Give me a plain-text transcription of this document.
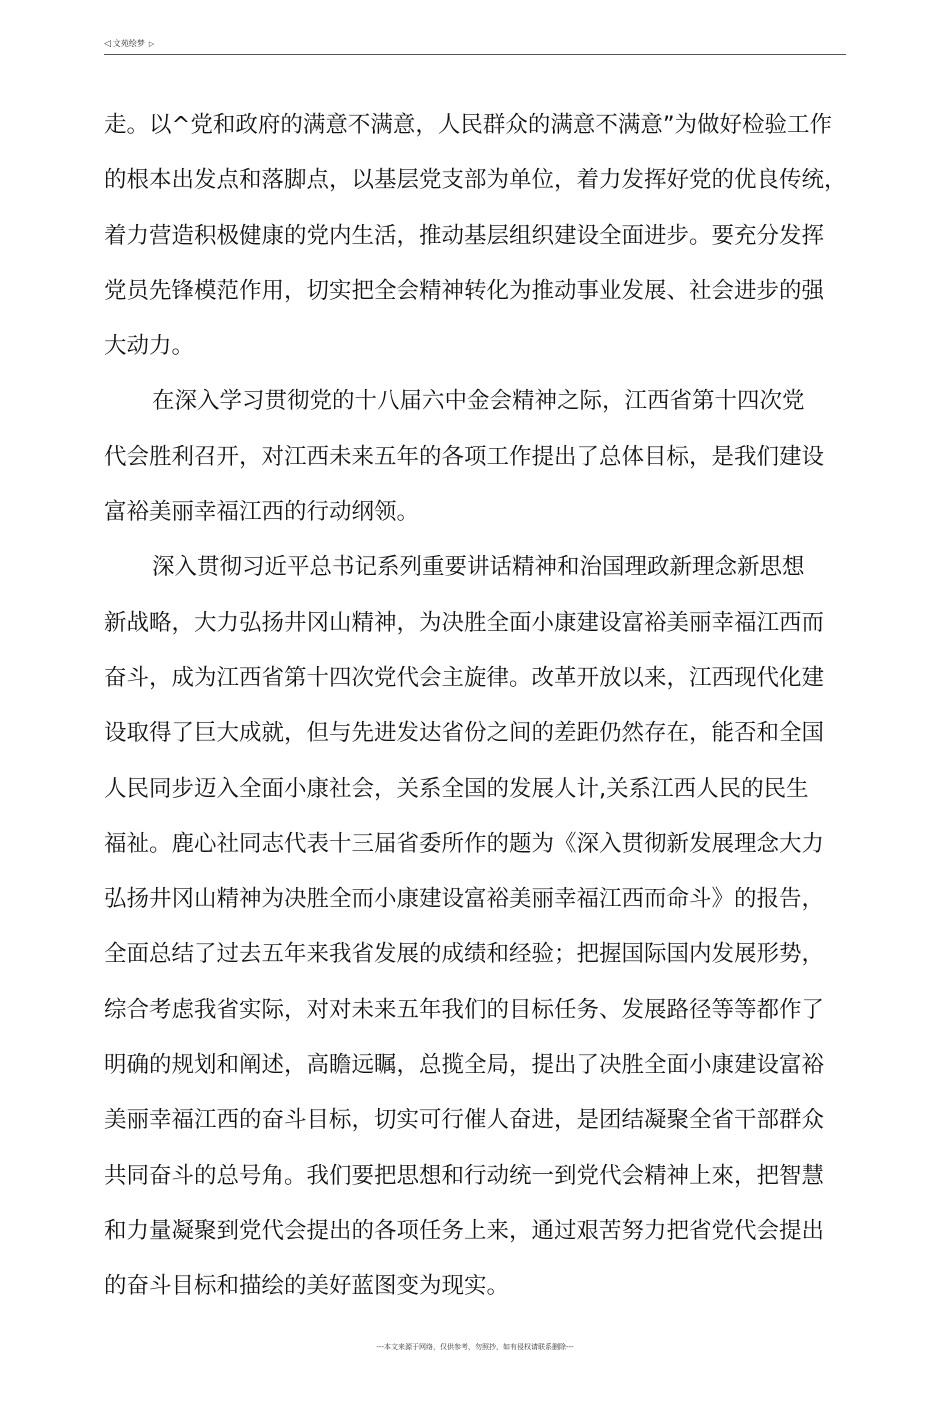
◁ 文苑绘梦 ▷
走。以^党和政府的满意不满意，人民群众的满意不满意”为做好检验工作
的根本出发点和落脚点，以基层党支部为单位，着力发挥好党的优良传统，
着力营造积极健康的党内生活，推动基层组织建设全面进步。要充分发挥
党员先锋模范作用，切实把全会精神转化为推动事业发展、社会进步的强
大动力。
在深入学习贯彻党的十八届六中金会精神之际，江西省第十四次党
代会胜利召开，对江西未来五年的各项工作提出了总体目标，是我们建设
富裕美丽幸福江西的行动纲领。
深入贯彻习近平总书记系列重要讲话精神和治国理政新理念新思想
新战略，大力弘扬井冈山精神，为决胜全面小康建设富裕美丽幸福江西而
奋斗，成为江西省第十四次党代会主旋律。改革开放以来，江西现代化建
设取得了巨大成就，但与先进发达省份之间的差距仍然存在，能否和全国
人民同步迈入全面小康社会，关系全国的发展人计,关系江西人民的民生
福祉。鹿心社同志代表十三届省委所作的题为《深入贯彻新发展理念大力
弘扬井冈山精神为决胜全而小康建设富裕美丽幸福江西而命斗》的报告，
全面总结了过去五年来我省发展的成绩和经验；把握国际国内发展形势，
综合考虑我省实际，对对未来五年我们的目标任务、发展路径等等都作了
明确的规划和阐述，高瞻远瞩，总揽全局，提出了决胜全面小康建设富裕
美丽幸福江西的奋斗目标，切实可行催人奋进，是团结凝聚全省干部群众
共同奋斗的总号角。我们要把思想和行动统一到党代会精神上來，把智慧
和力量凝聚到党代会提出的各项任务上来，通过艰苦努力把省党代会提出
的奋斗目标和描绘的美好蓝图变为现实。
---本文来源于网络，仅供参考，勿照抄，如有侵权请联系删除---
